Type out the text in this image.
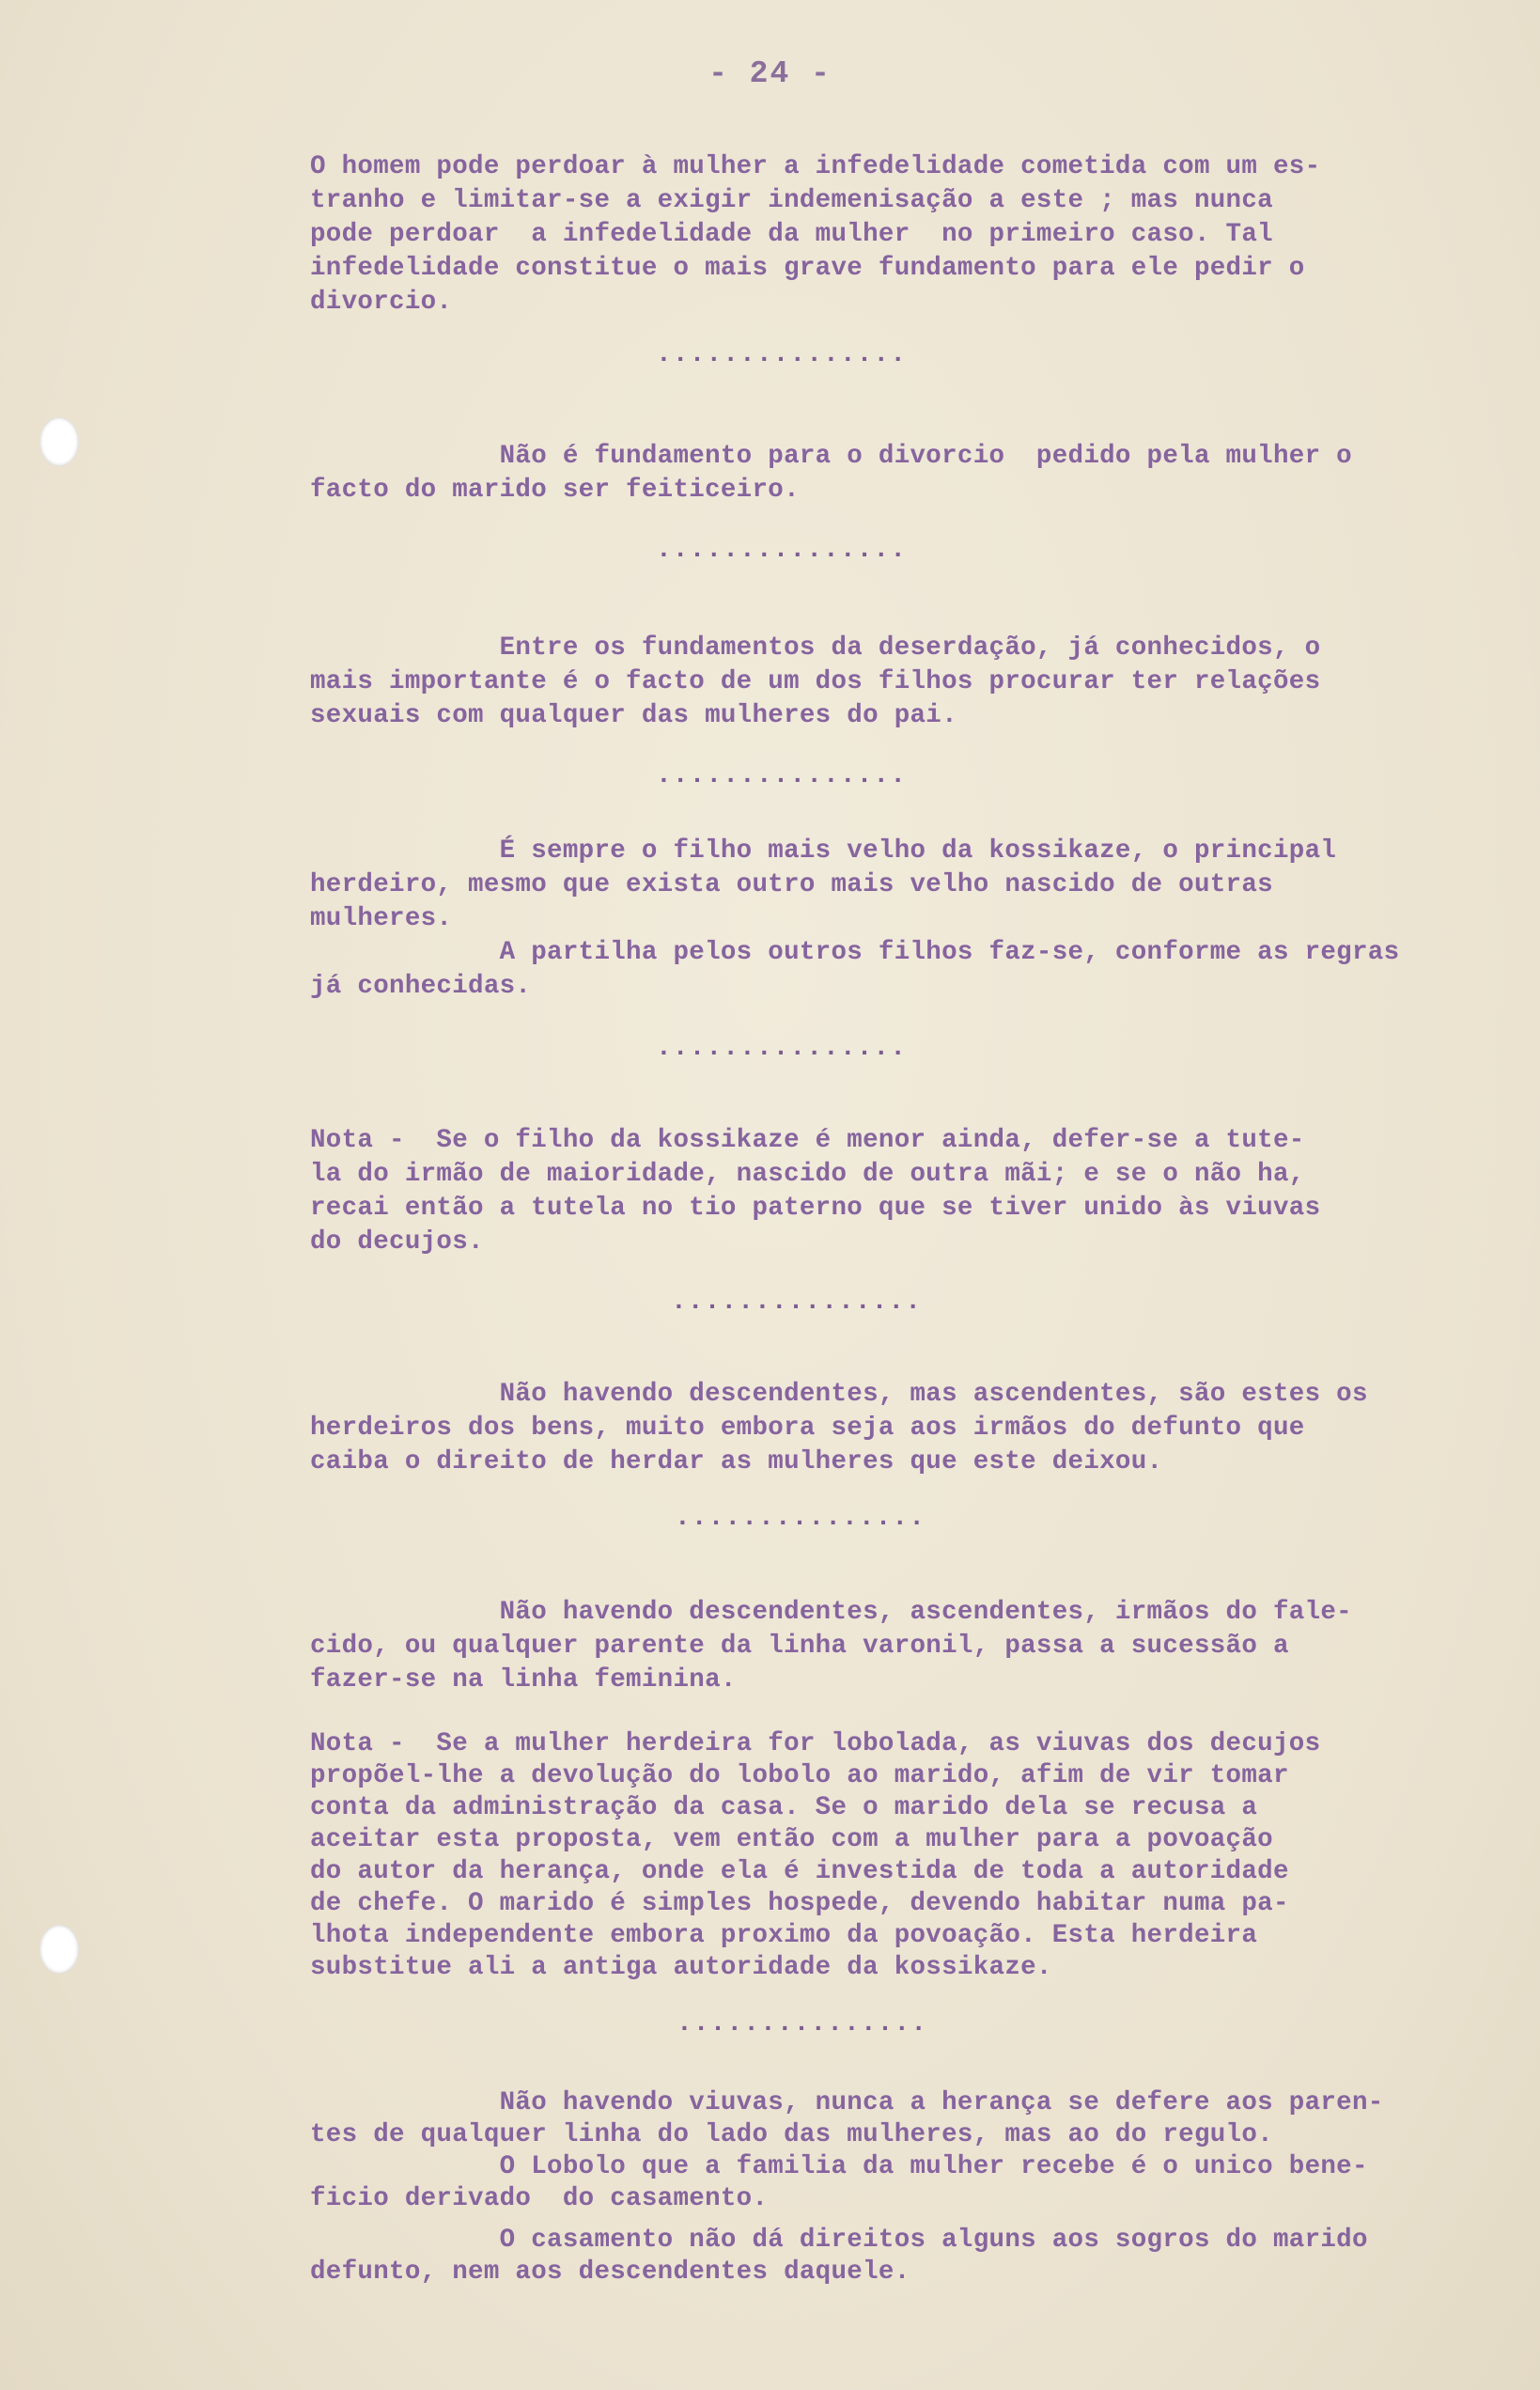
- 24 -
O homem pode perdoar à mulher a infedelidade cometida com um es-
tranho e limitar-se a exigir indemenisação a este ; mas nunca
pode perdoar  a infedelidade da mulher  no primeiro caso. Tal
infedelidade constitue o mais grave fundamento para ele pedir o
divorcio.
...............
Não é fundamento para o divorcio  pedido pela mulher o
facto do marido ser feiticeiro.
...............
Entre os fundamentos da deserdação, já conhecidos, o
mais importante é o facto de um dos filhos procurar ter relações
sexuais com qualquer das mulheres do pai.
...............
É sempre o filho mais velho da kossikaze, o principal
herdeiro, mesmo que exista outro mais velho nascido de outras
mulheres.
A partilha pelos outros filhos faz-se, conforme as regras
já conhecidas.
...............
Nota -  Se o filho da kossikaze é menor ainda, defer-se a tute-
la do irmão de maioridade, nascido de outra mãi; e se o não ha,
recai então a tutela no tio paterno que se tiver unido às viuvas
do decujos.
...............
Não havendo descendentes, mas ascendentes, são estes os
herdeiros dos bens, muito embora seja aos irmãos do defunto que
caiba o direito de herdar as mulheres que este deixou.
...............
Não havendo descendentes, ascendentes, irmãos do fale-
cido, ou qualquer parente da linha varonil, passa a sucessão a
fazer-se na linha feminina.
Nota -  Se a mulher herdeira for lobolada, as viuvas dos decujos
propõel-lhe a devolução do lobolo ao marido, afim de vir tomar
conta da administração da casa. Se o marido dela se recusa a
aceitar esta proposta, vem então com a mulher para a povoação
do autor da herança, onde ela é investida de toda a autoridade
de chefe. O marido é simples hospede, devendo habitar numa pa-
lhota independente embora proximo da povoação. Esta herdeira
substitue ali a antiga autoridade da kossikaze.
...............
Não havendo viuvas, nunca a herança se defere aos paren-
tes de qualquer linha do lado das mulheres, mas ao do regulo.
O Lobolo que a familia da mulher recebe é o unico bene-
ficio derivado  do casamento.
O casamento não dá direitos alguns aos sogros do marido
defunto, nem aos descendentes daquele.
